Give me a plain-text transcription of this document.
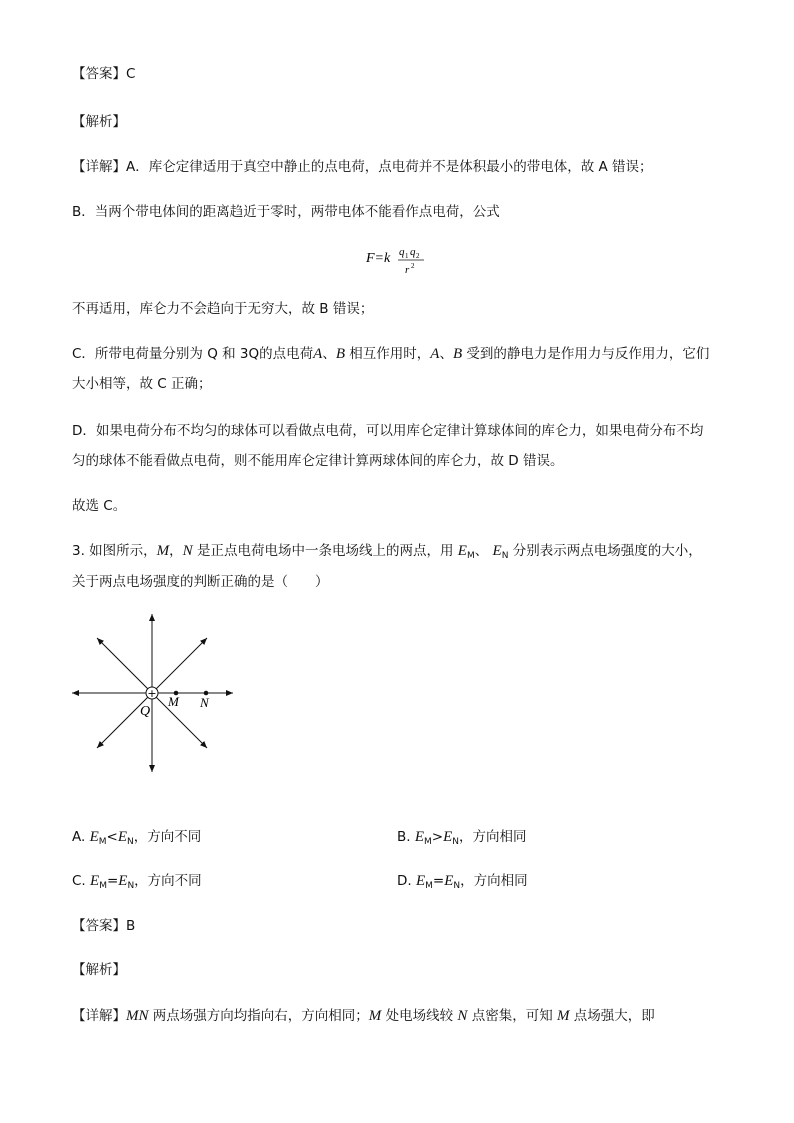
【答案】C
【解析】
【详解】A．库仑定律适用于真空中静止的点电荷，点电荷并不是体积最小的带电体，故 A 错误；
B．当两个带电体间的距离趋近于零时，两带电体不能看作点电荷，公式
F=k q 1 q 2
r 2
不再适用，库仑力不会趋向于无穷大，故 B 错误；
C．所带电荷量分别为 Q 和 3Q的点电荷A、B 相互作用时，A、B 受到的静电力是作用力与反作用力，它们
大小相等，故 C 正确；
D．如果电荷分布不均匀的球体可以看做点电荷，可以用库仑定律计算球体间的库仑力，如果电荷分布不均
匀的球体不能看做点电荷，则不能用库仑定律计算两球体间的库仑力，故 D 错误。
故选 C。
3. 如图所示，M，N 是正点电荷电场中一条电场线上的两点，用 $E_M$、 $E_N$ 分别表示两点电场强度的大小，
关于两点电场强度的判断正确的是（　　）
+
Q
M N
A. $E_M<E_N$，方向不同	B. $E_M>E_N$，方向相同
C. $E_M=E_N$，方向不同	D. $E_M=E_N$，方向相同
【答案】B
【解析】
【详解】MN 两点场强方向均指向右，方向相同；M 处电场线较 N 点密集，可知 M 点场强大，即
